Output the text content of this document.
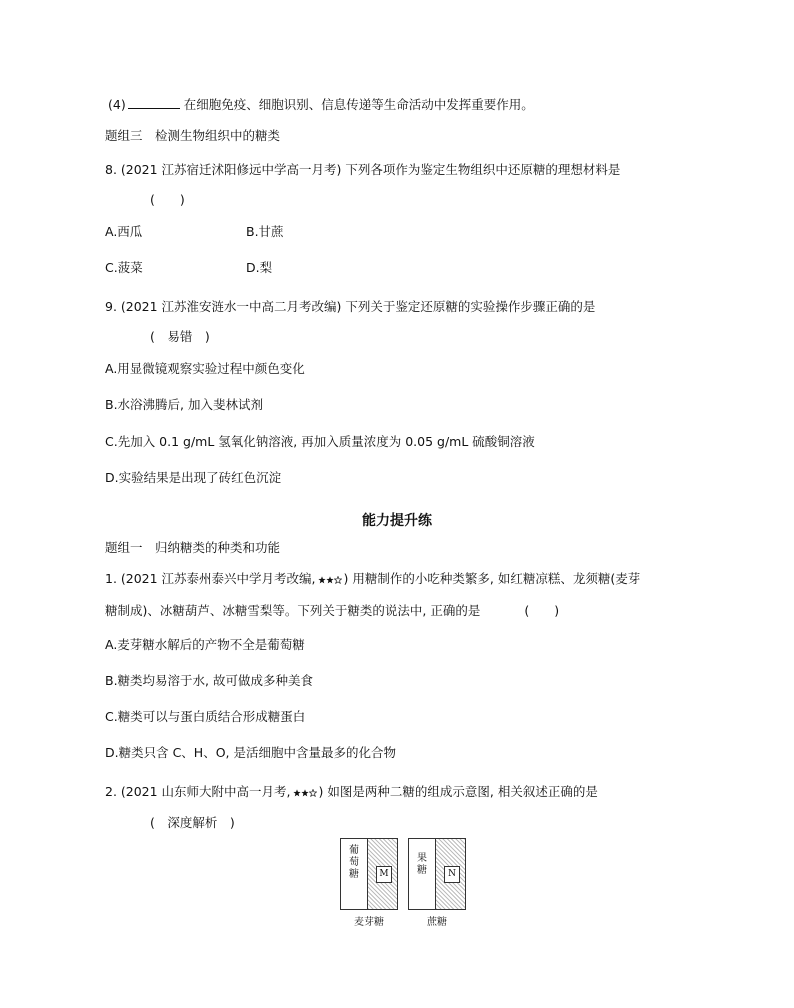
(4)	在细胞免疫、细胞识别、信息传递等生命活动中发挥重要作用。
题组三　检测生物组织中的糖类
8. (2021 江苏宿迁沭阳修远中学高一月考) 下列各项作为鉴定生物组织中还原糖的理想材料是
(　　)
A.西瓜	B.甘蔗
C.菠菜	D.梨
9. (2021 江苏淮安涟水一中高二月考改编) 下列关于鉴定还原糖的实验操作步骤正确的是
(　易错　)
A.用显微镜观察实验过程中颜色变化
B.水浴沸腾后, 加入斐林试剂
C.先加入 0.1 g/mL 氢氧化钠溶液, 再加入质量浓度为 0.05 g/mL 硫酸铜溶液
D.实验结果是出现了砖红色沉淀
能力提升练
题组一　归纳糖类的种类和功能
1. (2021 江苏泰州泰兴中学月考改编, ) 用糖制作的小吃种类繁多, 如红糖凉糕、龙须糖(麦芽
糖制成)、冰糖葫芦、冰糖雪梨等。下列关于糖类的说法中, 正确的是	(　　)
A.麦芽糖水解后的产物不全是葡萄糖
B.糖类均易溶于水, 故可做成多种美食
C.糖类可以与蛋白质结合形成糖蛋白
D.糖类只含 C、H、O, 是活细胞中含量最多的化合物
2. (2021 山东师大附中高一月考, ) 如图是两种二糖的组成示意图, 相关叙述正确的是
(　深度解析　)
葡萄糖	M
麦芽糖
果糖	N
蔗糖
